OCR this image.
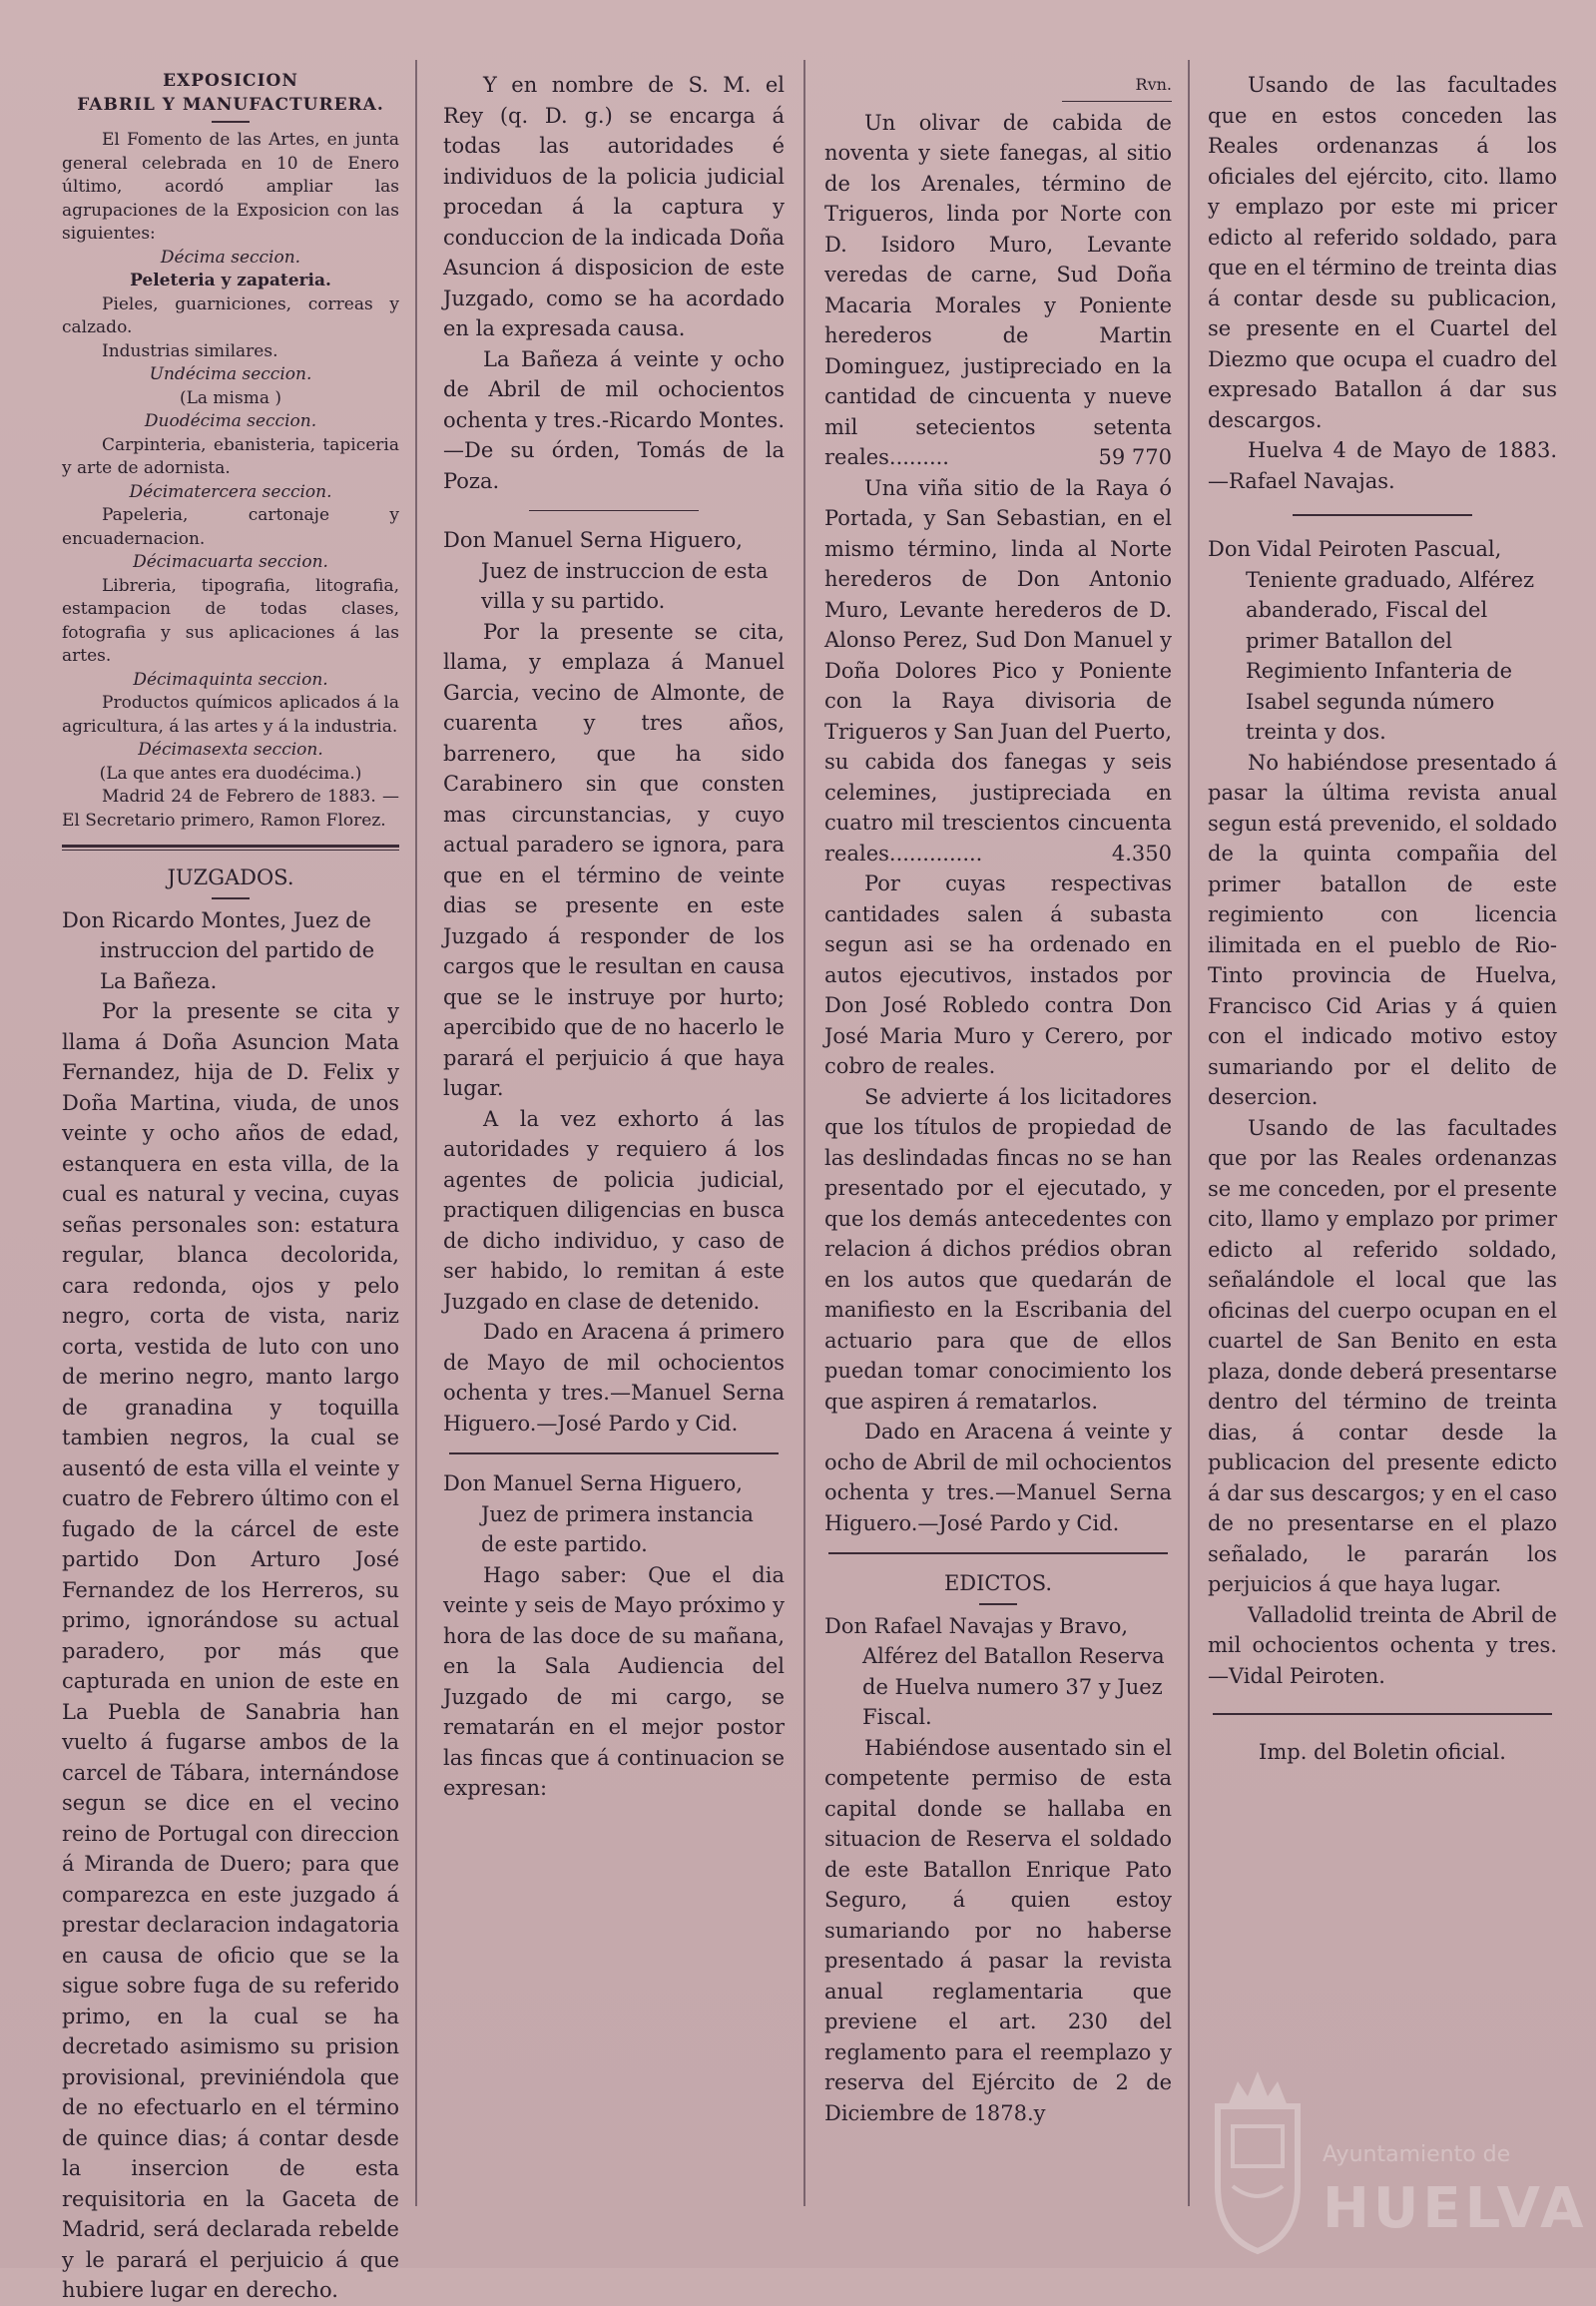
EXPOSICION

FABRIL Y MANUFACTURERA.

El Fomento de las Artes, en junta general celebrada en 10 de Enero último, acordó ampliar las agrupaciones de la Exposicion con las siguientes:

Décima seccion.

Peleteria y zapateria.

Pieles, guarniciones, correas y calzado.

Industrias similares.

Undécima seccion.

(La misma )

Duodécima seccion.

Carpinteria, ebanisteria, tapiceria y arte de adornista.

Décimatercera seccion.

Papeleria, cartonaje y encuadernacion.

Décimacuarta seccion.

Libreria, tipografia, litografia, estampacion de todas clases, fotografia y sus aplicaciones á las artes.

Décimaquinta seccion.

Productos químicos aplicados á la agricultura, á las artes y á la industria.

Décimasexta seccion.

(La que antes era duodécima.)

Madrid 24 de Febrero de 1883. —El Secretario primero, Ramon Florez.

JUZGADOS.

Don Ricardo Montes, Juez de instruccion del partido de La Bañeza.

Por la presente se cita y llama á Doña Asuncion Mata Fernandez, hija de D. Felix y Doña Martina, viuda, de unos veinte y ocho años de edad, estanquera en esta villa, de la cual es natural y vecina, cuyas señas personales son: estatura regular, blanca decolorida, cara redonda, ojos y pelo negro, corta de vista, nariz corta, vestida de luto con uno de merino negro, manto largo de granadina y toquilla tambien negros, la cual se ausentó de esta villa el veinte y cuatro de Febrero último con el fugado de la cárcel de este partido Don Arturo José Fernandez de los Herreros, su primo, ignorándose su actual paradero, por más que capturada en union de este en La Puebla de Sanabria han vuelto á fugarse ambos de la carcel de Tábara, internándose segun se dice en el vecino reino de Portugal con direccion á Miranda de Duero; para que comparezca en este juzgado á prestar declaracion indagatoria en causa de oficio que se la sigue sobre fuga de su referido primo, en la cual se ha decretado asimismo su prision provisional, previniéndola que de no efectuarlo en el término de quince dias; á contar desde la insercion de esta requisitoria en la Gaceta de Madrid, será declarada rebelde y le parará el perjuicio á que hubiere lugar en derecho.

Y en nombre de S. M. el Rey (q. D. g.) se encarga á todas las autoridades é individuos de la policia judicial procedan á la captura y conduccion de la indicada Doña Asuncion á disposicion de este Juzgado, como se ha acordado en la expresada causa.

La Bañeza á veinte y ocho de Abril de mil ochocientos ochenta y tres.-Ricardo Montes.—De su órden, Tomás de la Poza.

Don Manuel Serna Higuero, Juez de instruccion de esta villa y su partido.

Por la presente se cita, llama, y emplaza á Manuel Garcia, vecino de Almonte, de cuarenta y tres años, barrenero, que ha sido Carabinero sin que consten mas circunstancias, y cuyo actual paradero se ignora, para que en el término de veinte dias se presente en este Juzgado á responder de los cargos que le resultan en causa que se le instruye por hurto; apercibido que de no hacerlo le parará el perjuicio á que haya lugar.

A la vez exhorto á las autoridades y requiero á los agentes de policia judicial, practiquen diligencias en busca de dicho individuo, y caso de ser habido, lo remitan á este Juzgado en clase de detenido.

Dado en Aracena á primero de Mayo de mil ochocientos ochenta y tres.—Manuel Serna Higuero.—José Pardo y Cid.

Don Manuel Serna Higuero, Juez de primera instancia de este partido.

Hago saber: Que el dia veinte y seis de Mayo próximo y hora de las doce de su mañana, en la Sala Audiencia del Juzgado de mi cargo, se rematarán en el mejor postor las fincas que á continuacion se expresan:

Rvn.

Un olivar de cabida de noventa y siete fanegas, al sitio de los Arenales, término de Trigueros, linda por Norte con D. Isidoro Muro, Levante veredas de carne, Sud Doña Macaria Morales y Poniente herederos de Martin Dominguez, justipreciado en la cantidad de cincuenta y nueve mil setecientos setenta reales.........	59 770

Una viña sitio de la Raya ó Portada, y San Sebastian, en el mismo término, linda al Norte herederos de Don Antonio Muro, Levante herederos de D. Alonso Perez, Sud Don Manuel y Doña Dolores Pico y Poniente con la Raya divisoria de Trigueros y San Juan del Puerto, su cabida dos fanegas y seis celemines, justipreciada en cuatro mil trescientos cincuenta reales..............	4.350

Por cuyas respectivas cantidades salen á subasta segun asi se ha ordenado en autos ejecutivos, instados por Don José Robledo contra Don José Maria Muro y Cerero, por cobro de reales.

Se advierte á los licitadores que los títulos de propiedad de las deslindadas fincas no se han presentado por el ejecutado, y que los demás antecedentes con relacion á dichos prédios obran en los autos que quedarán de manifiesto en la Escribania del actuario para que de ellos puedan tomar conocimiento los que aspiren á rematarlos.

Dado en Aracena á veinte y ocho de Abril de mil ochocientos ochenta y tres.—Manuel Serna Higuero.—José Pardo y Cid.

EDICTOS.

Don Rafael Navajas y Bravo, Alférez del Batallon Reserva de Huelva numero 37 y Juez Fiscal.

Habiéndose ausentado sin el competente permiso de esta capital donde se hallaba en situacion de Reserva el soldado de este Batallon Enrique Pato Seguro, á quien estoy sumariando por no haberse presentado á pasar la revista anual reglamentaria que previene el art. 230 del reglamento para el reemplazo y reserva del Ejército de 2 de Diciembre de 1878.y

Usando de las facultades que en estos conceden las Reales ordenanzas á los oficiales del ejército, cito. llamo y emplazo por este mi pricer edicto al referido soldado, para que en el término de treinta dias á contar desde su publicacion, se presente en el Cuartel del Diezmo que ocupa el cuadro del expresado Batallon á dar sus descargos.

Huelva 4 de Mayo de 1883. —Rafael Navajas.

Don Vidal Peiroten Pascual, Teniente graduado, Alférez abanderado, Fiscal del primer Batallon del Regimiento Infanteria de Isabel segunda número treinta y dos.

No habiéndose presentado á pasar la última revista anual segun está prevenido, el soldado de la quinta compañia del primer batallon de este regimiento con licencia ilimitada en el pueblo de Rio-Tinto provincia de Huelva, Francisco Cid Arias y á quien con el indicado motivo estoy sumariando por el delito de desercion.

Usando de las facultades que por las Reales ordenanzas se me conceden, por el presente cito, llamo y emplazo por primer edicto al referido soldado, señalándole el local que las oficinas del cuerpo ocupan en el cuartel de San Benito en esta plaza, donde deberá presentarse dentro del término de treinta dias, á contar desde la publicacion del presente edicto á dar sus descargos; y en el caso de no presentarse en el plazo señalado, le pararán los perjuicios á que haya lugar.

Valladolid treinta de Abril de mil ochocientos ochenta y tres.—Vidal Peiroten.

Imp. del Boletin oficial.

Ayuntamiento de
HUELVA
